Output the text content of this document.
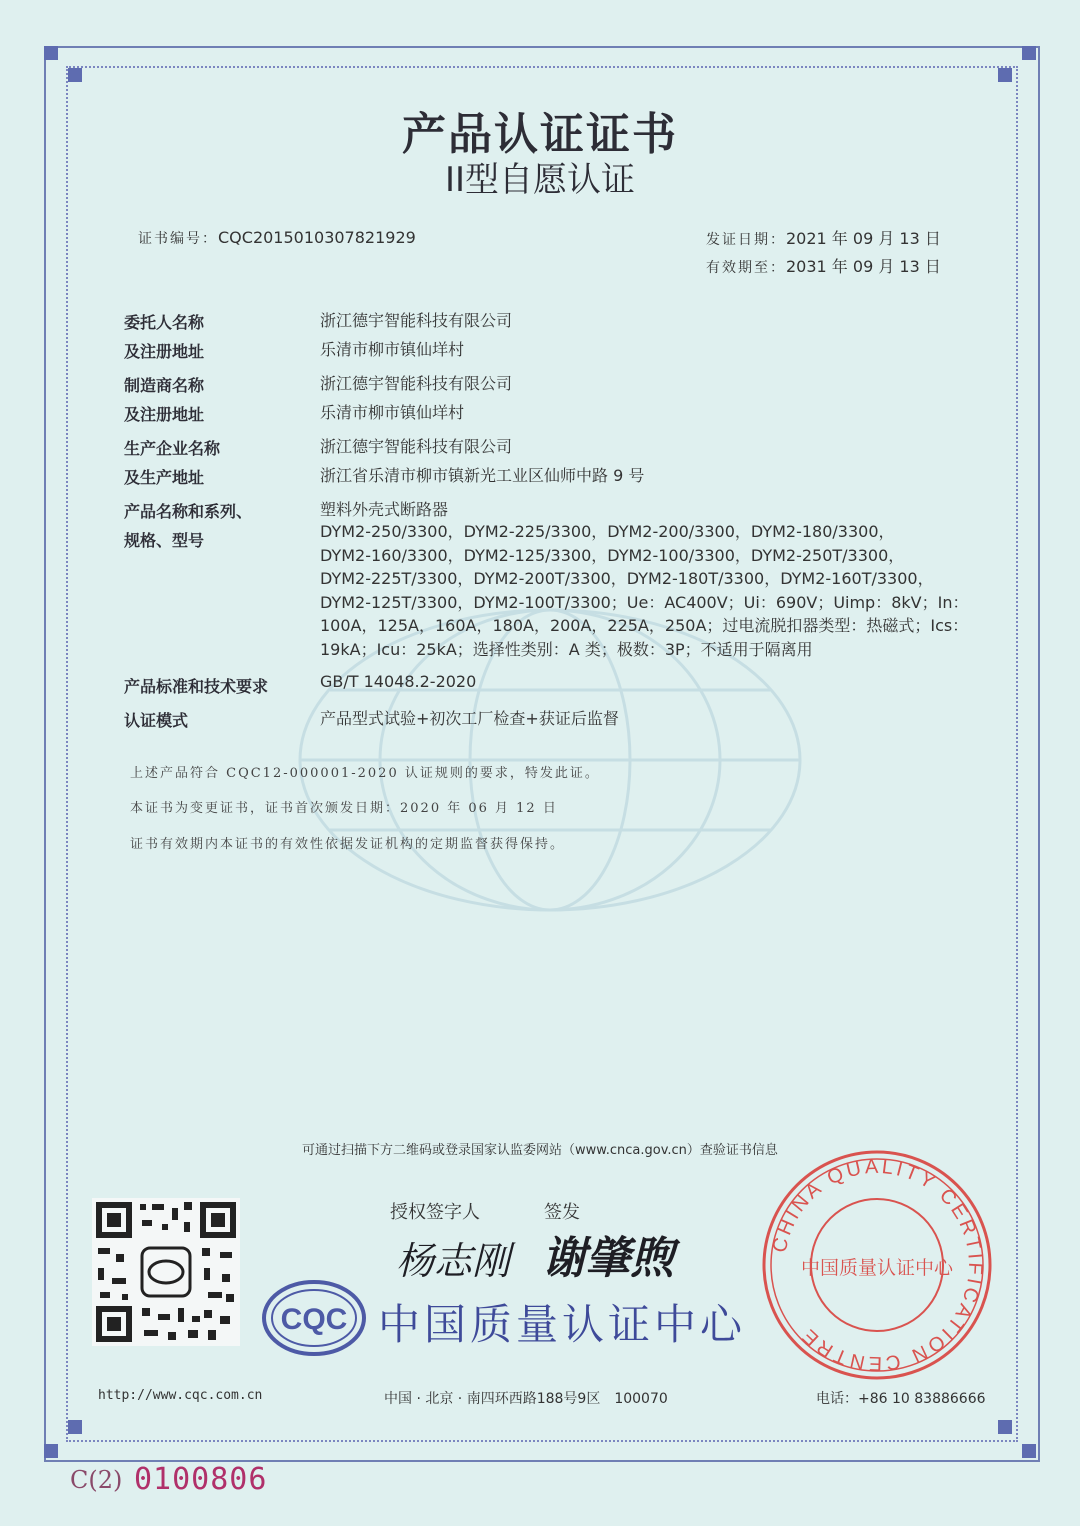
产品认证证书
II型自愿认证
证书编号：CQC2015010307821929	发证日期：2021 年 09 月 13 日
有效期至：2031 年 09 月 13 日
委托人名称	浙江德宇智能科技有限公司
及注册地址	乐清市柳市镇仙垟村
制造商名称	浙江德宇智能科技有限公司
及注册地址	乐清市柳市镇仙垟村
生产企业名称	浙江德宇智能科技有限公司
及生产地址	浙江省乐清市柳市镇新光工业区仙师中路 9 号
产品名称和系列、
规格、型号
塑料外壳式断路器
DYM2-250/3300，DYM2-225/3300，DYM2-200/3300，DYM2-180/3300，
DYM2-160/3300，DYM2-125/3300，DYM2-100/3300，DYM2-250T/3300，
DYM2-225T/3300，DYM2-200T/3300，DYM2-180T/3300，DYM2-160T/3300，
DYM2-125T/3300，DYM2-100T/3300；Ue：AC400V；Ui：690V；Uimp：8kV；In：
100A，125A，160A，180A，200A，225A，250A；过电流脱扣器类型：热磁式；Ics：
19kA；Icu：25kA；选择性类别：A 类；极数：3P；不适用于隔离用
产品标准和技术要求	GB/T 14048.2-2020
认证模式	产品型式试验+初次工厂检查+获证后监督
上述产品符合 CQC12-000001-2020 认证规则的要求，特发此证。
本证书为变更证书，证书首次颁发日期：2020 年 06 月 12 日
证书有效期内本证书的有效性依据发证机构的定期监督获得保持。
可通过扫描下方二维码或登录国家认监委网站（www.cnca.gov.cn）查验证书信息
授权签字人	签发
杨志刚 谢肇煦
CQC 中国质量认证中心
CHINA QUALITY CERTIFICATION CENTRE
中国质量认证中心
http://www.cqc.com.cn	中国 · 北京 · 南四环西路188号9区　100070	电话：+86 10 83886666
C(2) 0100806
